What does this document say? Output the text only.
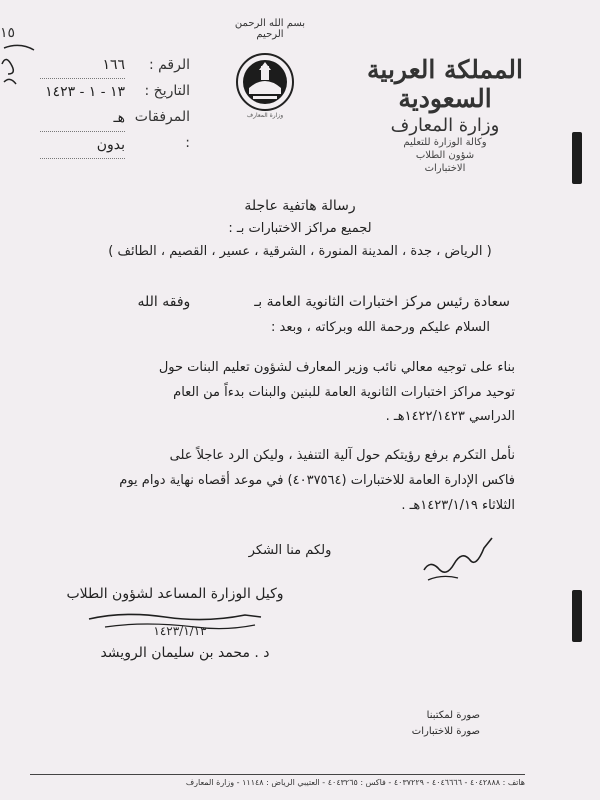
المملكة العربية السعودية
وزارة المعارف
وكالة الوزارة للتعليم
شؤون الطلاب
الاختبارات
بسم الله الرحمن الرحيم
وزارة المعارف
١٥
الرقم :
التاريخ :
المرفقات :
١٦٦
١٣ - ١ - ١٤٢٣ هـ
بدون
رسالة هاتفية عاجلة
لجميع مراكز الاختبارات بـ :
( الرياض ، جدة ، المدينة المنورة ، الشرقية ، عسير ، القصيم ، الطائف )
سعادة رئيس مركز اختبارات الثانوية العامة بـ  وفقه الله
السلام عليكم ورحمة الله وبركاته ، وبعد :
بناء على توجيه معالي نائب وزير المعارف لشؤون تعليم البنات حول
توحيد مراكز اختبارات الثانوية العامة للبنين والبنات بدءاً من العام
الدراسي ١٤٢٢/١٤٢٣هـ .
نأمل التكرم برفع رؤيتكم حول آلية التنفيذ ، وليكن الرد عاجلاً على
فاكس الإدارة العامة للاختبارات (٤٠٣٧٥٦٤) في موعد أقصاه نهاية دوام يوم
الثلاثاء ١٤٢٣/١/١٩هـ .
ولكم منا الشكر
وكيل الوزارة المساعد لشؤون الطلاب
١٤٢٣/١/١٣
د . محمد بن سليمان الرويشد
صورة لمكتبنا
صورة للاختبارات
هاتف : ٤٠٤٢٨٨٨ - ٤٠٤٦٦٦٦ - ٤٠٣٧٢٢٩ - فاكس : ٤٠٤٣٢٦٥ - العتيبي الرياض : ١١١٤٨ - وزارة المعارف
